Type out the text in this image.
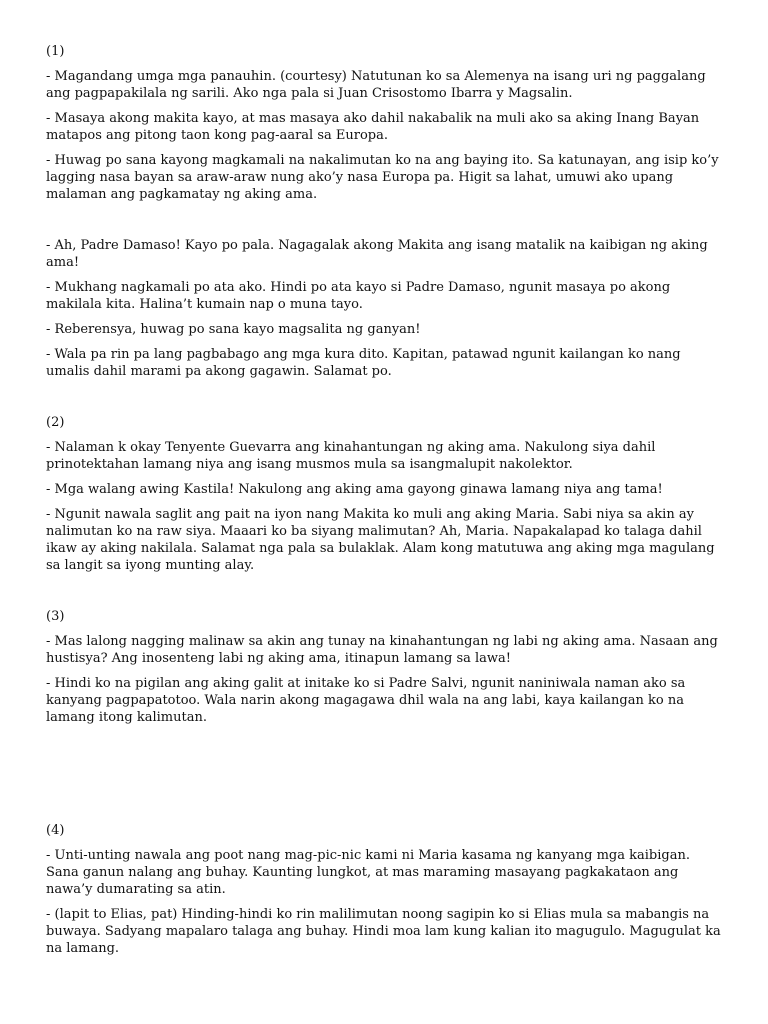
(1)

- Magandang umga mga panauhin. (courtesy) Natutunan ko sa Alemenya na isang uri ng paggalang ang pagpapakilala ng sarili. Ako nga pala si Juan Crisostomo Ibarra y Magsalin.

- Masaya akong makita kayo, at mas masaya ako dahil nakabalik na muli ako sa aking Inang Bayan matapos ang pitong taon kong pag-aaral sa Europa.

- Huwag po sana kayong magkamali na nakalimutan ko na ang baying ito. Sa katunayan, ang isip ko’y lagging nasa bayan sa araw-araw nung ako’y nasa Europa pa. Higit sa lahat, umuwi ako upang malaman ang pagkamatay ng aking ama.

- Ah, Padre Damaso! Kayo po pala. Nagagalak akong Makita ang isang matalik na kaibigan ng aking ama!

- Mukhang nagkamali po ata ako. Hindi po ata kayo si Padre Damaso, ngunit masaya po akong makilala kita. Halina’t kumain nap o muna tayo.

- Reberensya, huwag po sana kayo magsalita ng ganyan!

- Wala pa rin pa lang pagbabago ang mga kura dito. Kapitan, patawad ngunit kailangan ko nang umalis dahil marami pa akong gagawin. Salamat po.

(2)

- Nalaman k okay Tenyente Guevarra ang kinahantungan ng aking ama. Nakulong siya dahil prinotektahan lamang niya ang isang musmos mula sa isangmalupit nakolektor.

- Mga walang awing Kastila! Nakulong ang aking ama gayong ginawa lamang niya ang tama!

- Ngunit nawala saglit ang pait na iyon nang Makita ko muli ang aking Maria. Sabi niya sa akin ay nalimutan ko na raw siya. Maaari ko ba siyang malimutan? Ah, Maria. Napakalapad ko talaga dahil ikaw ay aking nakilala. Salamat nga pala sa bulaklak. Alam kong matutuwa ang aking mga magulang sa langit sa iyong munting alay.

(3)

- Mas lalong nagging malinaw sa akin ang tunay na kinahantungan ng labi ng aking ama. Nasaan ang hustisya? Ang inosenteng labi ng aking ama, itinapun lamang sa lawa!

- Hindi ko na pigilan ang aking galit at initake ko si Padre Salvi, ngunit naniniwala naman ako sa kanyang pagpapatotoo. Wala narin akong magagawa dhil wala na ang labi, kaya kailangan ko na lamang itong kalimutan.

(4)

- Unti-unting nawala ang poot nang mag-pic-nic kami ni Maria kasama ng kanyang mga kaibigan. Sana ganun nalang ang buhay. Kaunting lungkot, at mas maraming masayang pagkakataon ang nawa’y dumarating sa atin.

- (lapit to Elias, pat) Hinding-hindi ko rin malilimutan noong sagipin ko si Elias mula sa mabangis na buwaya. Sadyang mapalaro talaga ang buhay. Hindi moa lam kung kalian ito magugulo. Magugulat ka na lamang.
